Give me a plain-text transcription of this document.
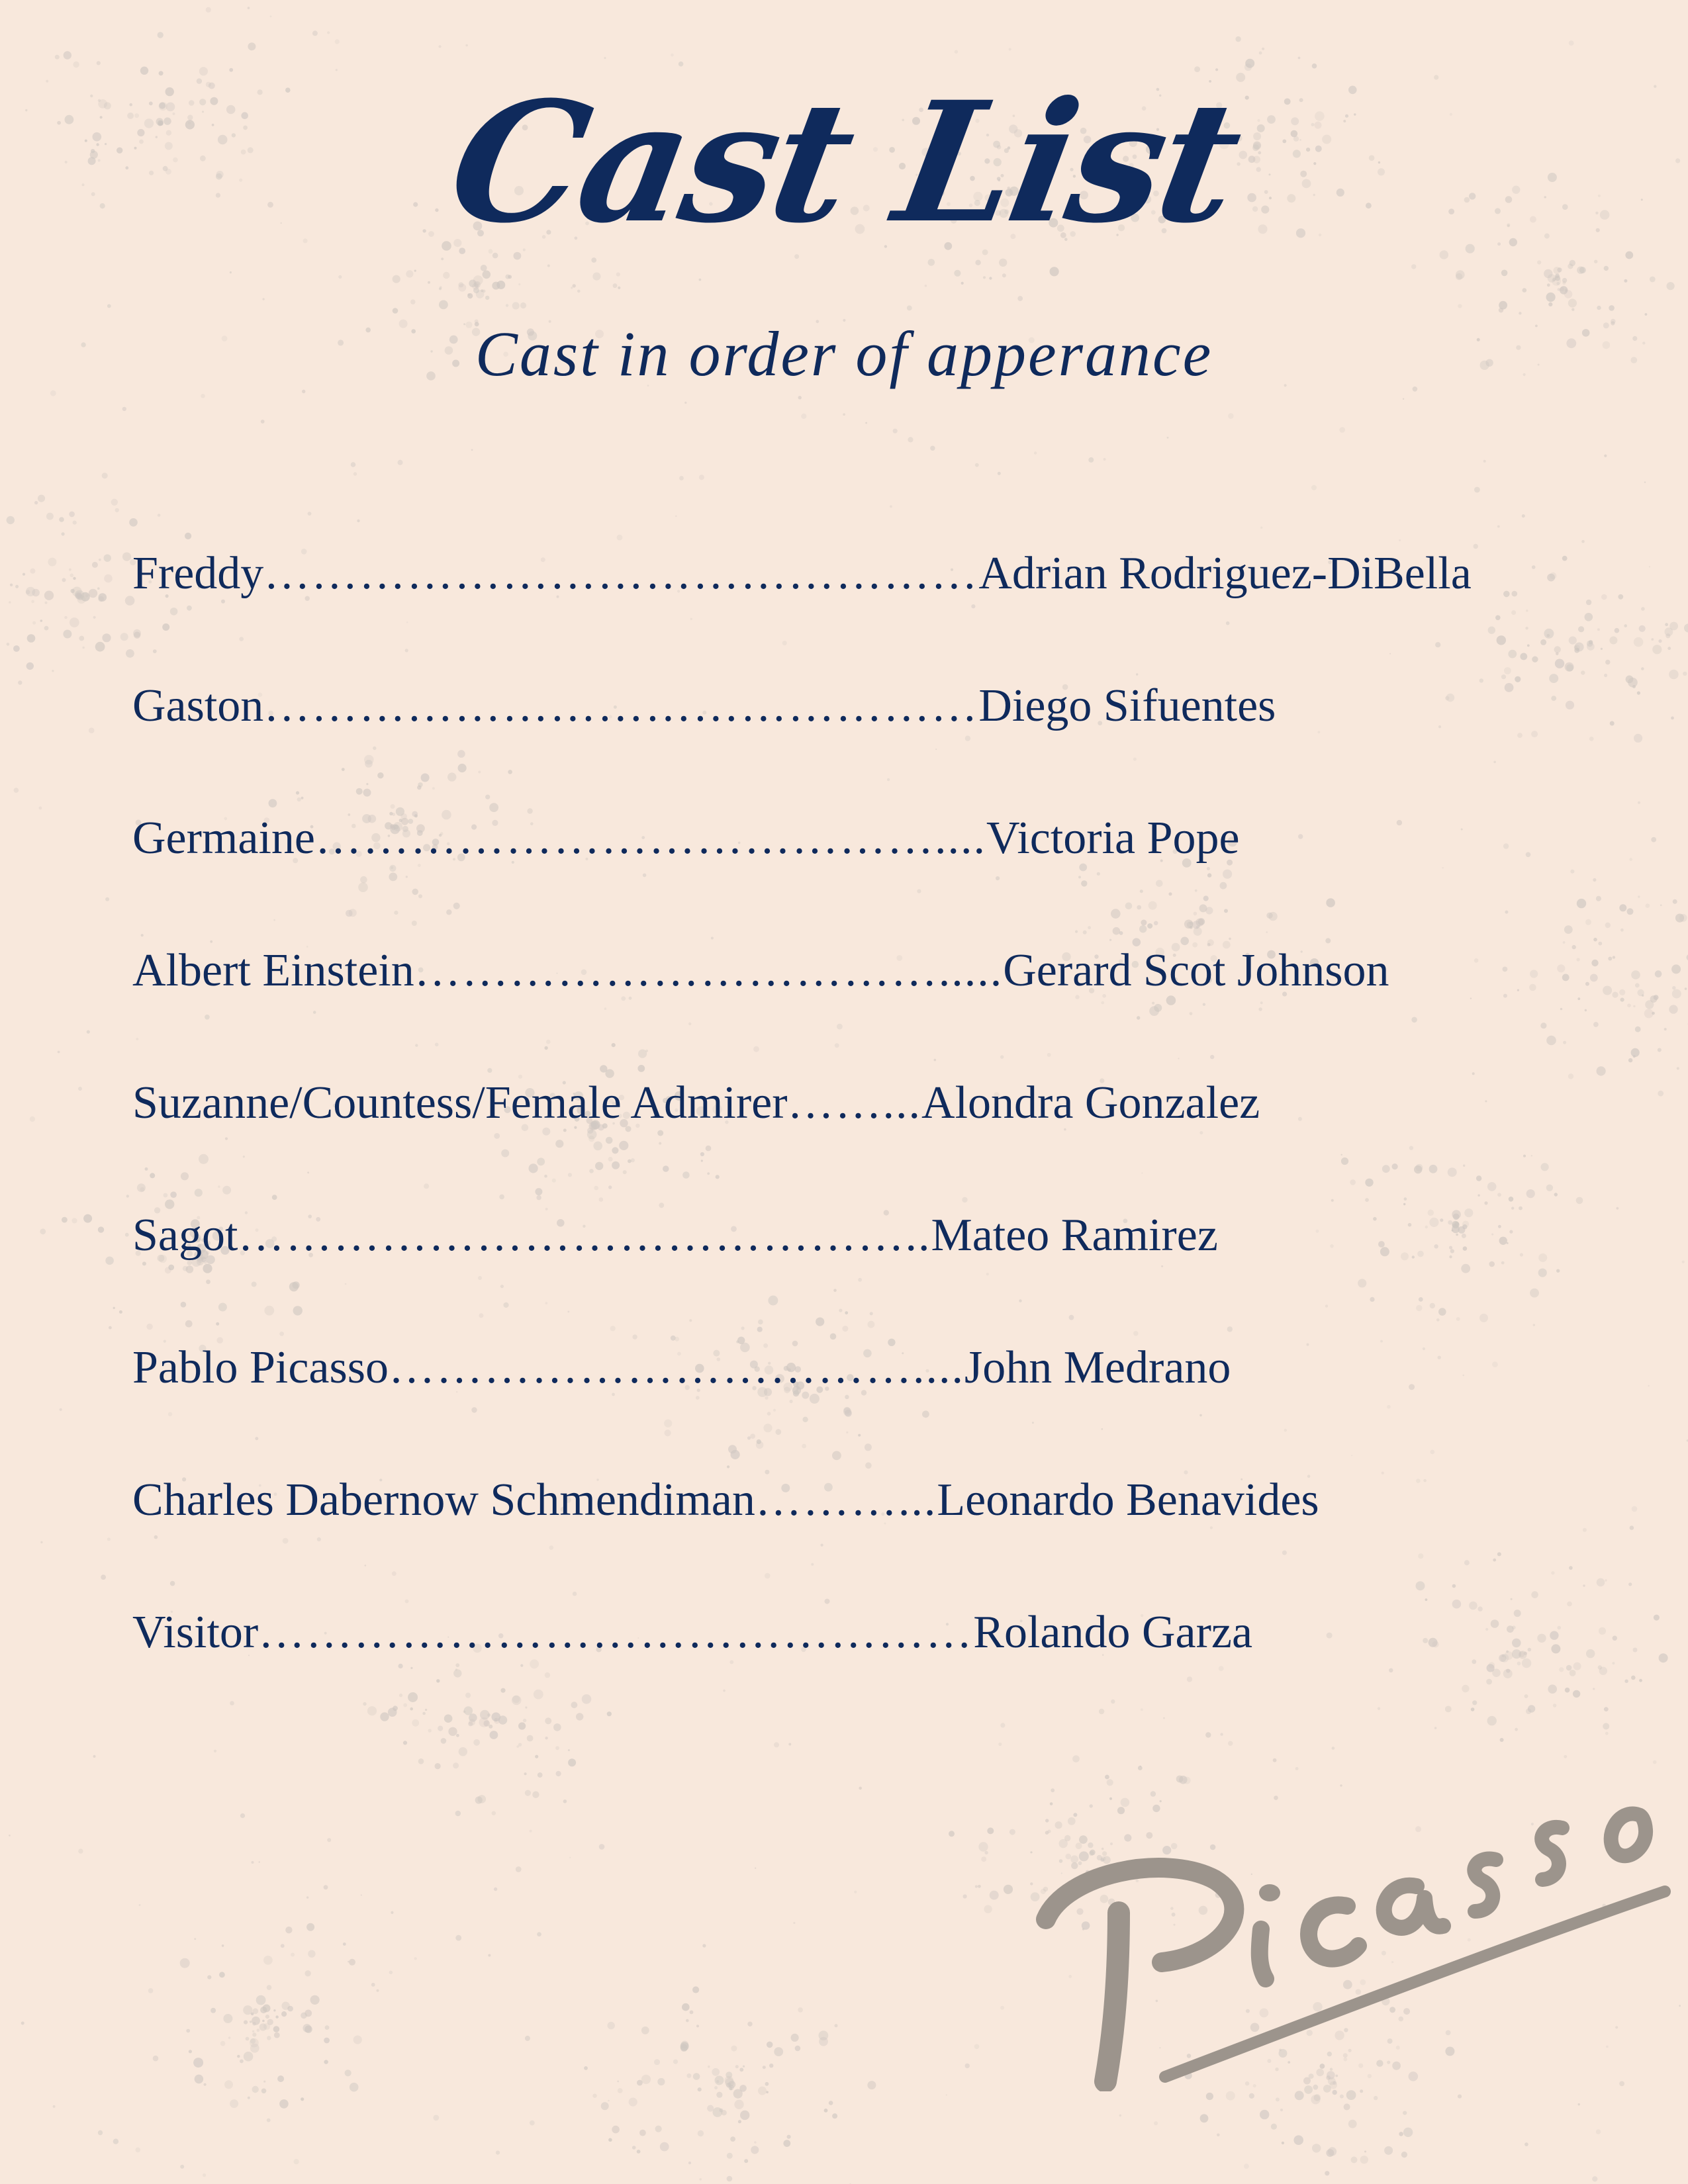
Cast List
Cast in order of apperance
Freddy ……………………………………… Adrian Rodriguez-DiBella
Gaston ……………………………………… Diego Sifuentes
Germaine ………………………………….... Victoria Pope
Albert Einstein ……………………………..... Gerard Scot Johnson
Suzanne/Countess/Female Admirer ……... Alondra Gonzalez
Sagot …………………………………….. Mateo Ramirez
Pablo Picasso …………………………….... John Medrano
Charles Dabernow Schmendiman ………... Leonardo Benavides
Visitor ……………………………………… Rolando Garza
